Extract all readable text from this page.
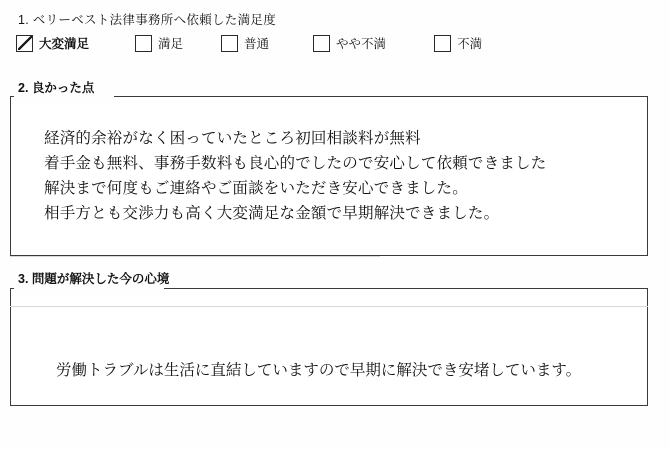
1. ベリーベスト法律事務所へ依頼した満足度
大変満足	満足	普通	やや不満	不満
2. 良かった点
経済的余裕がなく困っていたところ初回相談料が無料
着手金も無料、事務手数料も良心的でしたので安心して依頼できました
解決まで何度もご連絡やご面談をいただき安心できました。
相手方とも交渉力も高く大変満足な金額で早期解決できました。
3. 問題が解決した今の心境
労働トラブルは生活に直結していますので早期に解決でき安堵しています。
